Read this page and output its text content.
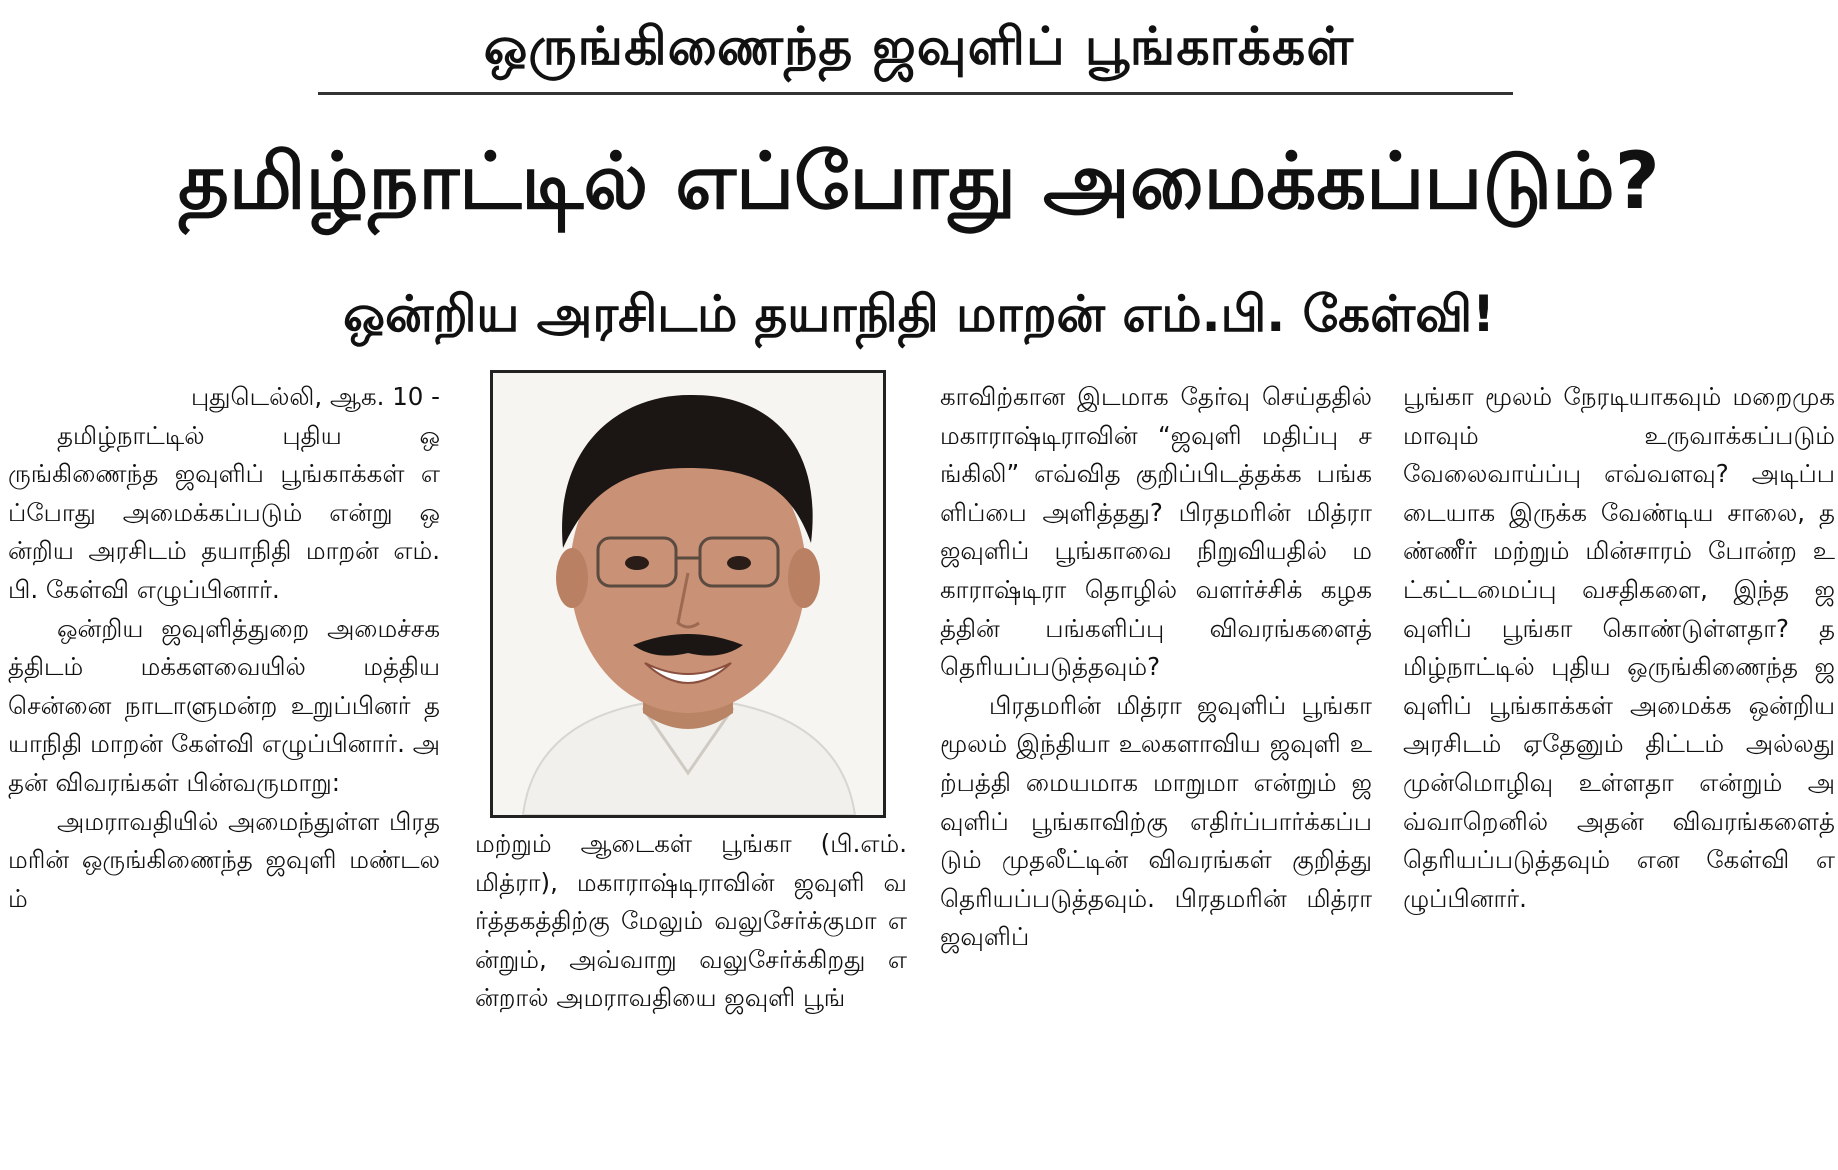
ஒருங்கிணைந்த ஜவுளிப் பூங்காக்கள்
தமிழ்நாட்டில் எப்போது அமைக்கப்படும்?
ஒன்றிய அரசிடம் தயாநிதி மாறன் எம்.பி. கேள்வி!

புதுடெல்லி, ஆக. 10 -

தமிழ்நாட்டில் புதிய ஒருங்கிணைந்த ஜவுளிப் பூங்காக்கள் எப்போது அமைக்கப்படும் என்று ஒன்றிய அரசிடம் தயாநிதி மாறன் எம்.பி. கேள்வி எழுப்பினார்.

ஒன்றிய ஜவுளித்துறை அமைச்சகத்திடம் மக்களவையில் மத்திய சென்னை நாடாளுமன்ற உறுப்பினர் தயாநிதி மாறன் கேள்வி எழுப்பினார். அதன் விவரங்கள் பின்வருமாறு:

அமராவதியில் அமைந்துள்ள பிரதமரின் ஒருங்கிணைந்த ஜவுளி மண்டலம்

மற்றும் ஆடைகள் பூங்கா (பி.எம். மித்ரா), மகாராஷ்டிராவின் ஜவுளி வர்த்தகத்திற்கு மேலும் வலுசேர்க்குமா என்றும், அவ்வாறு வலுசேர்க்கிறது என்றால் அமராவதியை ஜவுளி பூங்

காவிற்கான இடமாக தேர்வு செய்ததில் மகாராஷ்டிராவின் “ஜவுளி மதிப்பு சங்கிலி” எவ்வித குறிப்பிடத்தக்க பங்களிப்பை அளித்தது? பிரதமரின் மித்ரா ஜவுளிப் பூங்காவை நிறுவியதில் மகாராஷ்டிரா தொழில் வளர்ச்சிக் கழகத்தின் பங்களிப்பு விவரங்களைத் தெரியப்படுத்தவும்?

பிரதமரின் மித்ரா ஜவுளிப் பூங்கா மூலம் இந்தியா உலகளாவிய ஜவுளி உற்பத்தி மையமாக மாறுமா என்றும் ஜவுளிப் பூங்காவிற்கு எதிர்ப்பார்க்கப்படும் முதலீட்டின் விவரங்கள் குறித்து தெரியப்படுத்தவும். பிரதமரின் மித்ரா ஜவுளிப்

பூங்கா மூலம் நேரடியாகவும் மறைமுகமாவும் உருவாக்கப்படும் வேலைவாய்ப்பு எவ்வளவு? அடிப்படையாக இருக்க வேண்டிய சாலை, தண்ணீர் மற்றும் மின்சாரம் போன்ற உட்கட்டமைப்பு வசதிகளை, இந்த ஜவுளிப் பூங்கா கொண்டுள்ளதா? தமிழ்நாட்டில் புதிய ஒருங்கிணைந்த ஜவுளிப் பூங்காக்கள் அமைக்க ஒன்றிய அரசிடம் ஏதேனும் திட்டம் அல்லது முன்மொழிவு உள்ளதா என்றும் அவ்வாறெனில் அதன் விவரங்களைத் தெரியப்படுத்தவும் என கேள்வி எழுப்பினார்.
